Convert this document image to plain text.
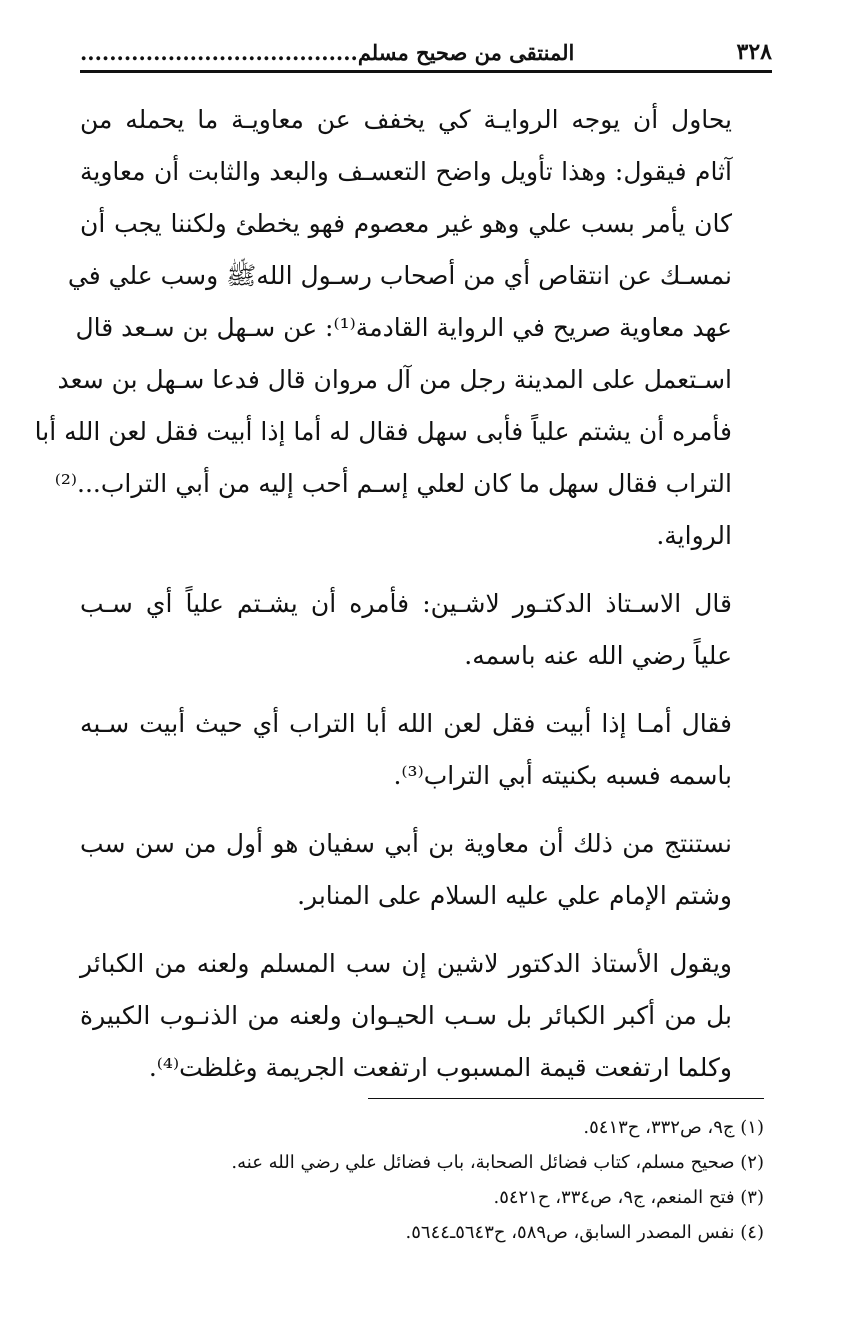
٣٢٨
المنتقى من صحيح مسلم......................................
يحاول أن يوجه الروايـة كي يخفف عن معاويـة ما يحمله من
آثام فيقول: وهذا تأويل واضح التعسـف والبعد والثابت أن معاوية
كان يأمر بسب علي وهو غير معصوم فهو يخطئ ولكننا يجب أن
نمسـك عن انتقاص أي من أصحاب رسـول اللهﷺ وسب علي في
عهد معاوية صريح في الرواية القادمة⁽¹⁾: عن سـهل بن سـعد قال
اسـتعمل على المدينة رجل من آل مروان قال فدعا سـهل بن سعد
فأمره أن يشتم علياً فأبى سهل فقال له أما إذا أبيت فقل لعن الله أبا
التراب فقال سهل ما كان لعلي إسـم أحب إليه من أبي التراب...⁽²⁾
الرواية.
قال الاسـتاذ الدكتـور لاشـين: فأمره أن يشـتم علياً أي سـب
علياً رضي الله عنه باسمه.
فقال أمـا إذا أبيت فقل لعن الله أبا التراب أي حيث أبيت سـبه
باسمه فسبه بكنيته أبي التراب⁽³⁾.
نستنتج من ذلك أن معاوية بن أبي سفيان هو أول من سن سب
وشتم الإمام علي عليه السلام على المنابر.
ويقول الأستاذ الدكتور لاشين إن سب المسلم ولعنه من الكبائر
بل من أكبر الكبائر بل سـب الحيـوان ولعنه من الذنـوب الكبيرة
وكلما ارتفعت قيمة المسبوب ارتفعت الجريمة وغلظت⁽⁴⁾.
(١) ج٩، ص٣٣٢، ح٥٤١٣.
(٢) صحيح مسلم، كتاب فضائل الصحابة، باب فضائل علي رضي الله عنه.
(٣) فتح المنعم، ج٩، ص٣٣٤، ح٥٤٢١.
(٤) نفس المصدر السابق، ص٥٨٩، ح٥٦٤٣ـ٥٦٤٤.
